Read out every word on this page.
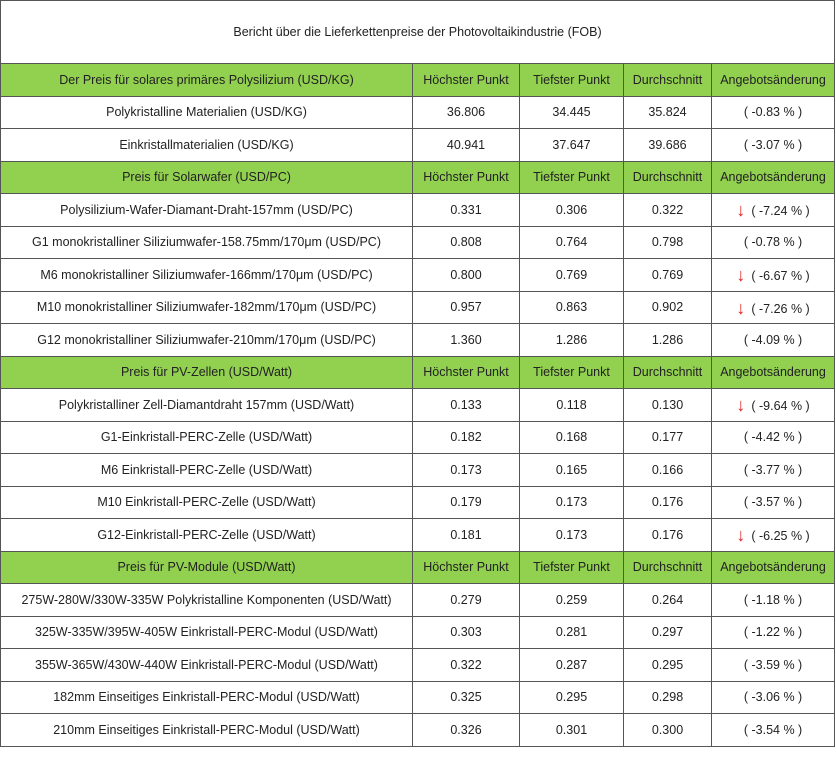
Bericht über die Lieferkettenpreise der Photovoltaikindustrie (FOB)				
Der Preis für solares primäres Polysilizium (USD/KG)	Höchster Punkt	Tiefster Punkt	Durchschnitt	Angebotsänderung
Polykristalline Materialien (USD/KG)	36.806	34.445	35.824	( -0.83 % )
Einkristallmaterialien (USD/KG)	40.941	37.647	39.686	( -3.07 % )
Preis für Solarwafer (USD/PC)	Höchster Punkt	Tiefster Punkt	Durchschnitt	Angebotsänderung
Polysilizium-Wafer-Diamant-Draht-157mm (USD/PC)	0.331	0.306	0.322	↓ ( -7.24 % )
G1 monokristalliner Siliziumwafer-158.75mm/170μm (USD/PC)	0.808	0.764	0.798	( -0.78 % )
M6 monokristalliner Siliziumwafer-166mm/170μm (USD/PC)	0.800	0.769	0.769	↓ ( -6.67 % )
M10 monokristalliner Siliziumwafer-182mm/170μm (USD/PC)	0.957	0.863	0.902	↓ ( -7.26 % )
G12 monokristalliner Siliziumwafer-210mm/170μm (USD/PC)	1.360	1.286	1.286	( -4.09 % )
Preis für PV-Zellen (USD/Watt)	Höchster Punkt	Tiefster Punkt	Durchschnitt	Angebotsänderung
Polykristalliner Zell-Diamantdraht 157mm (USD/Watt)	0.133	0.118	0.130	↓ ( -9.64 % )
G1-Einkristall-PERC-Zelle (USD/Watt)	0.182	0.168	0.177	( -4.42 % )
M6 Einkristall-PERC-Zelle (USD/Watt)	0.173	0.165	0.166	( -3.77 % )
M10 Einkristall-PERC-Zelle (USD/Watt)	0.179	0.173	0.176	( -3.57 % )
G12-Einkristall-PERC-Zelle (USD/Watt)	0.181	0.173	0.176	↓ ( -6.25 % )
Preis für PV-Module (USD/Watt)	Höchster Punkt	Tiefster Punkt	Durchschnitt	Angebotsänderung
275W-280W/330W-335W Polykristalline Komponenten (USD/Watt)	0.279	0.259	0.264	( -1.18 % )
325W-335W/395W-405W Einkristall-PERC-Modul (USD/Watt)	0.303	0.281	0.297	( -1.22 % )
355W-365W/430W-440W Einkristall-PERC-Modul (USD/Watt)	0.322	0.287	0.295	( -3.59 % )
182mm Einseitiges Einkristall-PERC-Modul (USD/Watt)	0.325	0.295	0.298	( -3.06 % )
210mm Einseitiges Einkristall-PERC-Modul (USD/Watt)	0.326	0.301	0.300	( -3.54 % )
